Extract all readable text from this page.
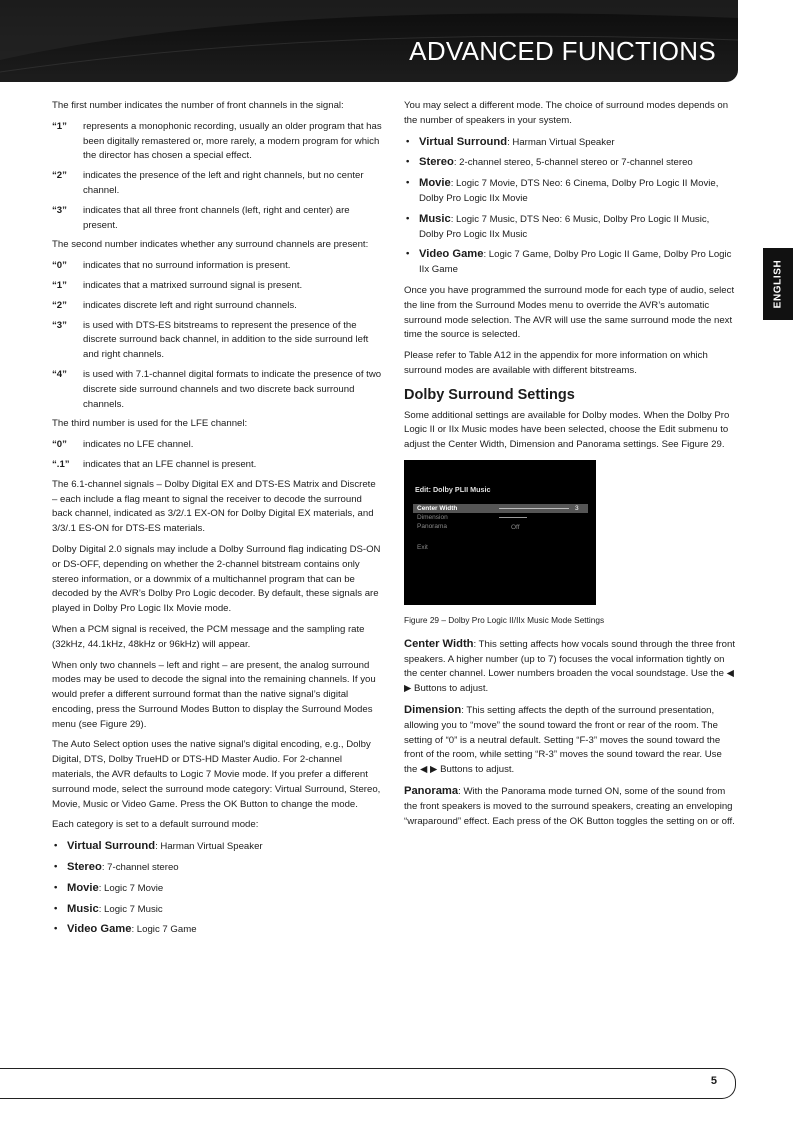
ADVANCED FUNCTIONS
ENGLISH

The first number indicates the number of front channels in the signal:

“1”	represents a monophonic recording, usually an older program that has been digitally remastered or, more rarely, a modern program for which the director has chosen a special effect.
“2”	indicates the presence of the left and right channels, but no center channel.
“3”	indicates that all three front channels (left, right and center) are present.

The second number indicates whether any surround channels are present:

“0”	indicates that no surround information is present.
“1”	indicates that a matrixed surround signal is present.
“2”	indicates discrete left and right surround channels.
“3”	is used with DTS-ES bitstreams to represent the presence of the discrete surround back channel, in addition to the side surround left and right channels.
“4”	is used with 7.1-channel digital formats to indicate the presence of two discrete side surround channels and two discrete back surround channels.

The third number is used for the LFE channel:

“0”	indicates no LFE channel.
“.1”	indicates that an LFE channel is present.

The 6.1-channel signals – Dolby Digital EX and DTS-ES Matrix and Discrete – each include a flag meant to signal the receiver to decode the surround back channel, indicated as 3/2/.1 EX-ON for Dolby Digital EX materials, and 3/3/.1 ES-ON for DTS-ES materials.

Dolby Digital 2.0 signals may include a Dolby Surround flag indicating DS-ON or DS-OFF, depending on whether the 2-channel bitstream contains only stereo information, or a downmix of a multichannel program that can be decoded by the AVR’s Dolby Pro Logic decoder. By default, these signals are played in Dolby Pro Logic IIx Movie mode.

When a PCM signal is received, the PCM message and the sampling rate (32kHz, 44.1kHz, 48kHz or 96kHz) will appear.

When only two channels – left and right – are present, the analog surround modes may be used to decode the signal into the remaining channels. If you would prefer a different surround format than the native signal’s digital encoding, press the Surround Modes Button to display the Surround Modes menu (see Figure 29).

The Auto Select option uses the native signal’s digital encoding, e.g., Dolby Digital, DTS, Dolby TrueHD or DTS-HD Master Audio. For 2-channel materials, the AVR defaults to Logic 7 Movie mode. If you prefer a different surround mode, select the surround mode category: Virtual Surround, Stereo, Movie, Music or Video Game. Press the OK Button to change the mode.

Each category is set to a default surround mode:

• Virtual Surround: Harman Virtual Speaker
• Stereo: 7-channel stereo
• Movie: Logic 7 Movie
• Music: Logic 7 Music
• Video Game: Logic 7 Game

You may select a different mode. The choice of surround modes depends on the number of speakers in your system.

• Virtual Surround: Harman Virtual Speaker
• Stereo: 2-channel stereo, 5-channel stereo or 7-channel stereo
• Movie: Logic 7 Movie, DTS Neo: 6 Cinema, Dolby Pro Logic II Movie, Dolby Pro Logic IIx Movie
• Music: Logic 7 Music, DTS Neo: 6 Music, Dolby Pro Logic II Music, Dolby Pro Logic IIx Music
• Video Game: Logic 7 Game, Dolby Pro Logic II Game, Dolby Pro Logic IIx Game

Once you have programmed the surround mode for each type of audio, select the line from the Surround Modes menu to override the AVR’s automatic surround mode selection. The AVR will use the same surround mode the next time the source is selected.

Please refer to Table A12 in the appendix for more information on which surround modes are available with different bitstreams.

Dolby Surround Settings

Some additional settings are available for Dolby modes. When the Dolby Pro Logic II or IIx Music modes have been selected, choose the Edit submenu to adjust the Center Width, Dimension and Panorama settings. See Figure 29.

Edit: Dolby PLII Music
Center Width	3
Dimension
Panorama	Off
Exit
Figure 29 – Dolby Pro Logic II/IIx Music Mode Settings

Center Width: This setting affects how vocals sound through the three front speakers. A higher number (up to 7) focuses the vocal information tightly on the center channel. Lower numbers broaden the vocal soundstage. Use the ◀ ▶ Buttons to adjust.

Dimension: This setting affects the depth of the surround presentation, allowing you to “move” the sound toward the front or rear of the room. The setting of “0” is a neutral default. Setting “F-3” moves the sound toward the front of the room, while setting “R-3” moves the sound toward the rear. Use the ◀ ▶ Buttons to adjust.

Panorama: With the Panorama mode turned ON, some of the sound from the front speakers is moved to the surround speakers, creating an enveloping “wraparound” effect. Each press of the OK Button toggles the setting on or off.

5
